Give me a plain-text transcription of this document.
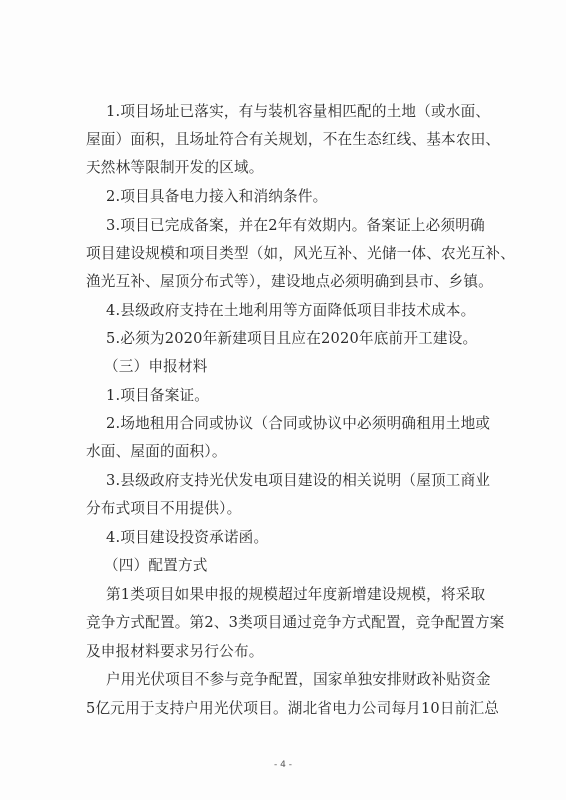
1.项目场址已落实，有与装机容量相匹配的土地（或水面、
屋面）面积，且场址符合有关规划，不在生态红线、基本农田、
天然林等限制开发的区域。
2.项目具备电力接入和消纳条件。
3.项目已完成备案，并在2年有效期内。备案证上必须明确
项目建设规模和项目类型（如，风光互补、光储一体、农光互补、
渔光互补、屋顶分布式等），建设地点必须明确到县市、乡镇。
4.县级政府支持在土地利用等方面降低项目非技术成本。
5.必须为2020年新建项目且应在2020年底前开工建设。
（三）申报材料
1.项目备案证。
2.场地租用合同或协议（合同或协议中必须明确租用土地或
水面、屋面的面积）。
3.县级政府支持光伏发电项目建设的相关说明（屋顶工商业
分布式项目不用提供）。
4.项目建设投资承诺函。
（四）配置方式
第1类项目如果申报的规模超过年度新增建设规模，将采取
竞争方式配置。第2、3类项目通过竞争方式配置，竞争配置方案
及申报材料要求另行公布。
户用光伏项目不参与竞争配置，国家单独安排财政补贴资金
5亿元用于支持户用光伏项目。湖北省电力公司每月10日前汇总
- 4 -
